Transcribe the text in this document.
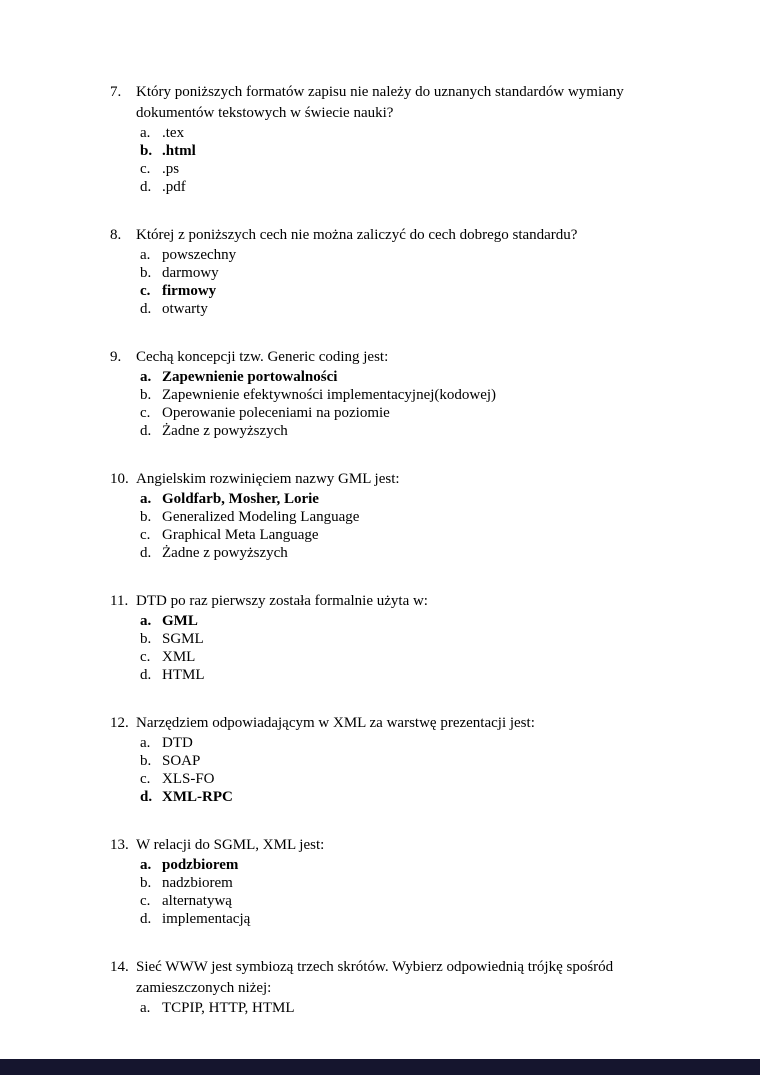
7. Który poniższych formatów zapisu nie należy do uznanych standardów wymiany dokumentów tekstowych w świecie nauki?
a. .tex
b. .html
c. .ps
d. .pdf
8. Której z poniższych cech nie można zaliczyć do cech dobrego standardu?
a. powszechny
b. darmowy
c. firmowy
d. otwarty
9. Cechą koncepcji tzw. Generic coding jest:
a. Zapewnienie portowalności
b. Zapewnienie efektywności implementacyjnej(kodowej)
c. Operowanie poleceniami na poziomie
d. Żadne z powyższych
10. Angielskim rozwinięciem nazwy GML jest:
a. Goldfarb, Mosher, Lorie
b. Generalized Modeling Language
c. Graphical Meta Language
d. Żadne z powyższych
11. DTD po raz pierwszy została formalnie użyta w:
a. GML
b. SGML
c. XML
d. HTML
12. Narzędziem odpowiadającym w XML za warstwę prezentacji jest:
a. DTD
b. SOAP
c. XLS-FO
d. XML-RPC
13. W relacji do SGML, XML jest:
a. podzbiorem
b. nadzbiorem
c. alternatywą
d. implementacją
14. Sieć WWW jest symbiozą trzech skrótów. Wybierz odpowiednią trójkę spośród zamieszczonych niżej:
a. TCPIP, HTTP, HTML
